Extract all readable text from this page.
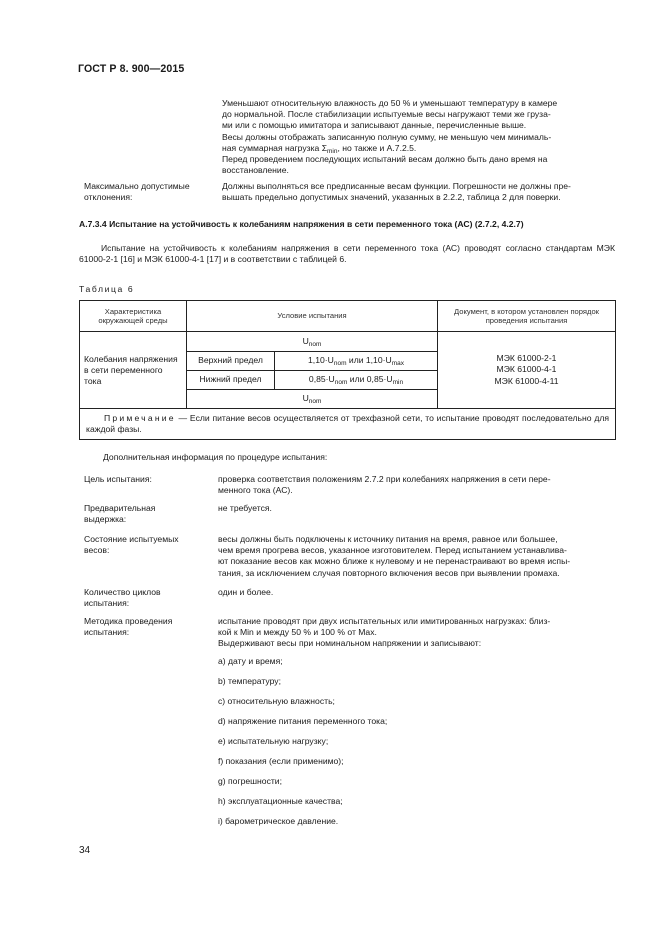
ГОСТ Р 8. 900—2015

Уменьшают относительную влажность до 50 % и уменьшают температуру в камере

до нормальной. После стабилизации испытуемые весы нагружают теми же груза-

ми или с помощью имитатора и записывают данные, перечисленные выше.

Весы должны отображать записанную полную сумму, не меньшую чем минималь-

ная суммарная нагрузка $\Sigma_{min}$, но также и А.7.2.5.

Перед проведением последующих испытаний весам должно быть дано время на

восстановление.

Максимально допустимые
отклонения:
Должны выполняться все предписанные весам функции. Погрешности не должны пре-
вышать предельно допустимых значений, указанных в 2.2.2, таблица 2 для поверки.
А.7.3.4 Испытание на устойчивость к колебаниям напряжения в сети переменного тока (АС) (2.7.2, 4.2.7)
Испытание на устойчивость к колебаниям напряжения в сети переменного тока (АС) проводят согласно стандартам МЭК 61000-2-1 [16] и МЭК 61000-4-1 [17] и в соответствии с таблицей 6.
Таблица 6
Характеристика окружающей среды	Условие испытания		Документ, в котором установлен порядок проведения испытания
Колебания напряжения в сети переменного тока	$U_{nom}$		МЭК 61000-2-1
МЭК 61000-4-1
МЭК 61000-4-11

	Верхний предел	$1,10\cdot U_{nom}$ или $1,10\cdot U_{max}$
	Нижний предел	$0,85\cdot U_{nom}$ или $0,85\cdot U_{min}$
	$U_{nom}$
Примечание — Если питание весов осуществляется от трехфазной сети, то испытание проводят последовательно для каждой фазы.			
Дополнительная информация по процедуре испытания:
Цель испытания:	проверка соответствия положениям 2.7.2 при колебаниях напряжения в сети пере-
менного тока (АС).
Предварительная
выдержка:
не требуется.
Состояние испытуемых
весов:
весы должны быть подключены к источнику питания на время, равное или большее,
чем время прогрева весов, указанное изготовителем. Перед испытанием устанавлива-
ют показание весов как можно ближе к нулевому и не перенастраивают во время испы-
тания, за исключением случая повторного включения весов при выявлении промаха.
Количество циклов
испытания:
один и более.
Методика проведения
испытания:
испытание проводят при двух испытательных или имитированных нагрузках: близ-
кой к Min и между 50 % и 100 % от Max.
Выдерживают весы при номинальном напряжении и записывают:
a) дату и время;
b) температуру;
c) относительную влажность;
d) напряжение питания переменного тока;
e) испытательную нагрузку;
f) показания (если применимо);
g) погрешности;
h) эксплуатационные качества;
i) барометрическое давление.
34
